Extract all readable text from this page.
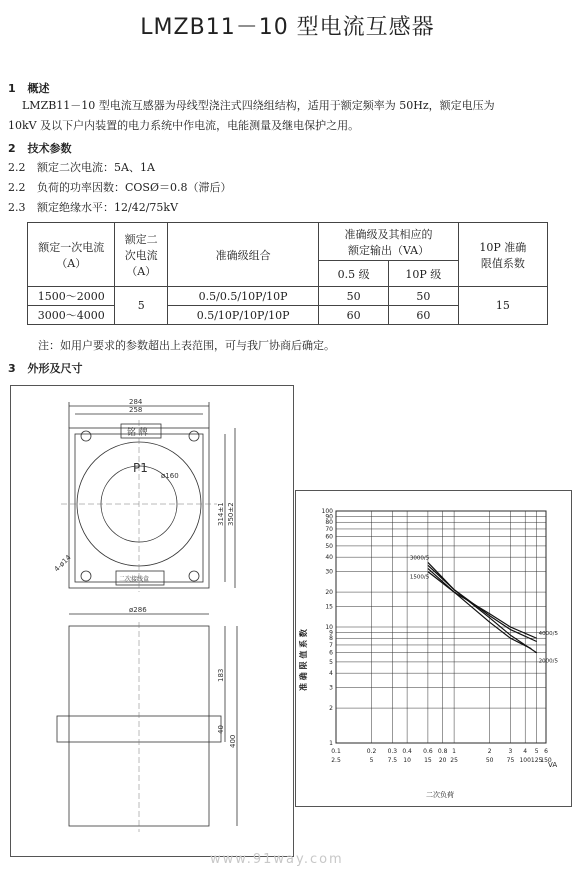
LMZB11－10 型电流互感器
1 概述
LMZB11－10 型电流互感器为母线型浇注式四绕组结构，适用于额定频率为 50Hz，额定电压为
10kV 及以下户内装置的电力系统中作电流，电能测量及继电保护之用。
2 技术参数
2.2 额定二次电流：5A、1A
2.2 负荷的功率因数：COSØ＝0.8（滞后）
2.3 额定绝缘水平：12/42/75kV
额定一次电流
（A）	额定二
次电流
（A）	准确级组合	准确级及其相应的
额定输出（VA）		10P 准确
限值系数
			0.5 级	10P 级	
1500～2000	5	0.5/0.5/10P/10P	50	50	15
3000～4000		0.5/10P/10P/10P	60	60	
注：如用户要求的参数超出上表范围，可与我厂协商后确定。
3 外形及尺寸
284
258
铭 牌
P1
ø160
314±1 350±2
4-ø14
二次接线盒
ø286
183
40
400
100
90
80
70
60
50
40
30
20
15
10
9
8
7
6
5
4
3
2
1
0.1
2.5
0.2
5
0.3
7.5
0.4
10
0.6
15
0.8
20
1
25
2
50
3
75
4
100
5
125
6
150
1500/5
2000/5
3000/5
4000/5
准 确 限 值 系 数
二次负荷
VA
www.91way.com
